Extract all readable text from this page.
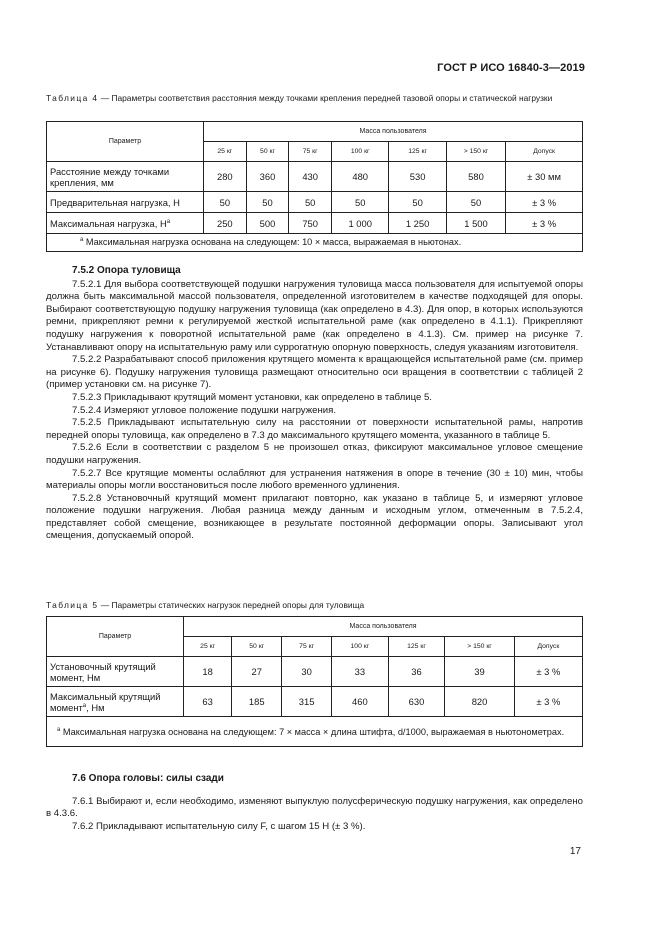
ГОСТ Р ИСО 16840-3—2019
Таблица 4 — Параметры соответствия расстояния между точками крепления передней тазовой опоры и статической нагрузки
Параметр	Масса пользователя						
	25 кг	50 кг	75 кг	100 кг	125 кг	> 150 кг	Допуск
Расстояние между точками крепления, мм	280	360	430	480	530	580	± 30 мм
Предварительная нагрузка, Н	50	50	50	50	50	50	± 3 %
Максимальная нагрузка, $Н^a$	250	500	750	1 000	1 250	1 500	± 3 %
$^a$ Максимальная нагрузка основана на следующем: 10 × масса, выражаемая в ньютонах.							
7.5.2 Опора туловища

7.5.2.1 Для выбора соответствующей подушки нагружения туловища масса пользователя для испытуемой опоры должна быть максимальной массой пользователя, определенной изготовителем в качестве подходящей для опоры. Выбирают соответствующую подушку нагружения туловища (как определено в 4.3). Для опор, в которых используются ремни, прикрепляют ремни к регулируемой жесткой испытательной раме (как определено в 4.1.1). Прикрепляют подушку нагружения к поворотной испытательной раме (как определено в 4.1.3). См. пример на рисунке 7. Устанавливают опору на испытательную раму или суррогатную опорную поверхность, следуя указаниям изготовителя.

7.5.2.2 Разрабатывают способ приложения крутящего момента к вращающейся испытательной раме (см. пример на рисунке 6). Подушку нагружения туловища размещают относительно оси вращения в соответствии с таблицей 2 (пример установки см. на рисунке 7).

7.5.2.3 Прикладывают крутящий момент установки, как определено в таблице 5.

7.5.2.4 Измеряют угловое положение подушки нагружения.

7.5.2.5 Прикладывают испытательную силу на расстоянии от поверхности испытательной рамы, напротив передней опоры туловища, как определено в 7.3 до максимального крутящего момента, указанного в таблице 5.

7.5.2.6 Если в соответствии с разделом 5 не произошел отказ, фиксируют максимальное угловое смещение подушки нагружения.

7.5.2.7 Все крутящие моменты ослабляют для устранения натяжения в опоре в течение (30 ± 10) мин, чтобы материалы опоры могли восстановиться после любого временного удлинения.

7.5.2.8 Установочный крутящий момент прилагают повторно, как указано в таблице 5, и измеряют угловое положение подушки нагружения. Любая разница между данным и исходным углом, отмеченным в 7.5.2.4, представляет собой смещение, возникающее в результате постоянной деформации опоры. Записывают угол смещения, допускаемый опорой.

Таблица 5 — Параметры статических нагрузок передней опоры для туловища
Параметр	Масса пользователя						
	25 кг	50 кг	75 кг	100 кг	125 кг	> 150 кг	Допуск
Установочный крутящий момент, Нм	18	27	30	33	36	39	± 3 %
Максимальный крутящий момент$^a$, Нм	63	185	315	460	630	820	± 3 %
$^a$ Максимальная нагрузка основана на следующем: 7 × масса × длина штифта, d/1000, выражаемая в ньютонометрах.							
7.6 Опора головы: силы сзади

7.6.1 Выбирают и, если необходимо, изменяют выпуклую полусферическую подушку нагружения, как определено в 4.3.6.

7.6.2 Прикладывают испытательную силу F, с шагом 15 Н (± 3 %).

17
